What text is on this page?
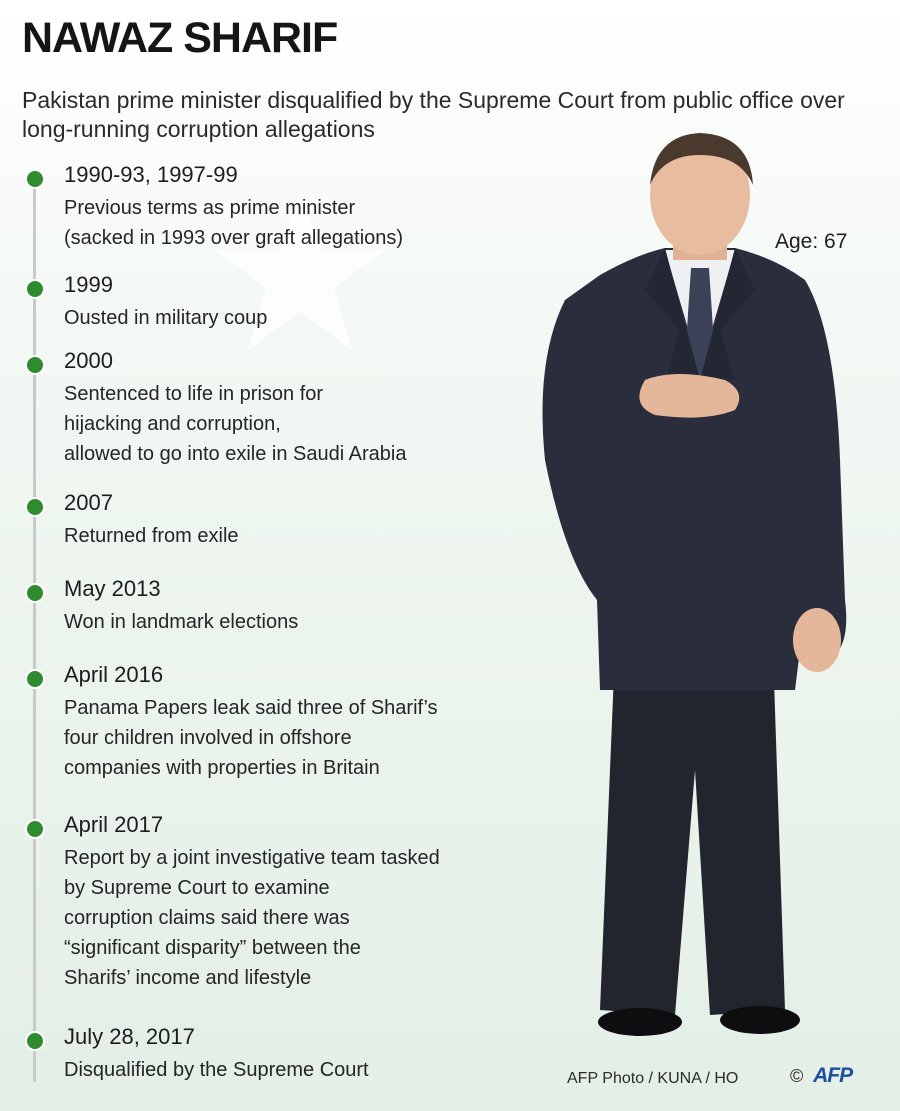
NAWAZ SHARIF

Pakistan prime minister disqualified by the Supreme Court from public office over long-running corruption allegations

1990-93, 1997-99
Previous terms as prime minister
(sacked in 1993 over graft allegations)
1999
Ousted in military coup
2000
Sentenced to life in prison for
hijacking and corruption,
allowed to go into exile in Saudi Arabia
2007
Returned from exile
May 2013
Won in landmark elections
April 2016
Panama Papers leak said three of Sharif’s
four children involved in offshore
companies with properties in Britain
April 2017
Report by a joint investigative team tasked
by Supreme Court to examine
corruption claims said there was
“significant disparity” between the
Sharifs’ income and lifestyle
July 28, 2017
Disqualified by the Supreme Court
Age: 67
AFP Photo / KUNA / HO	© AFP
